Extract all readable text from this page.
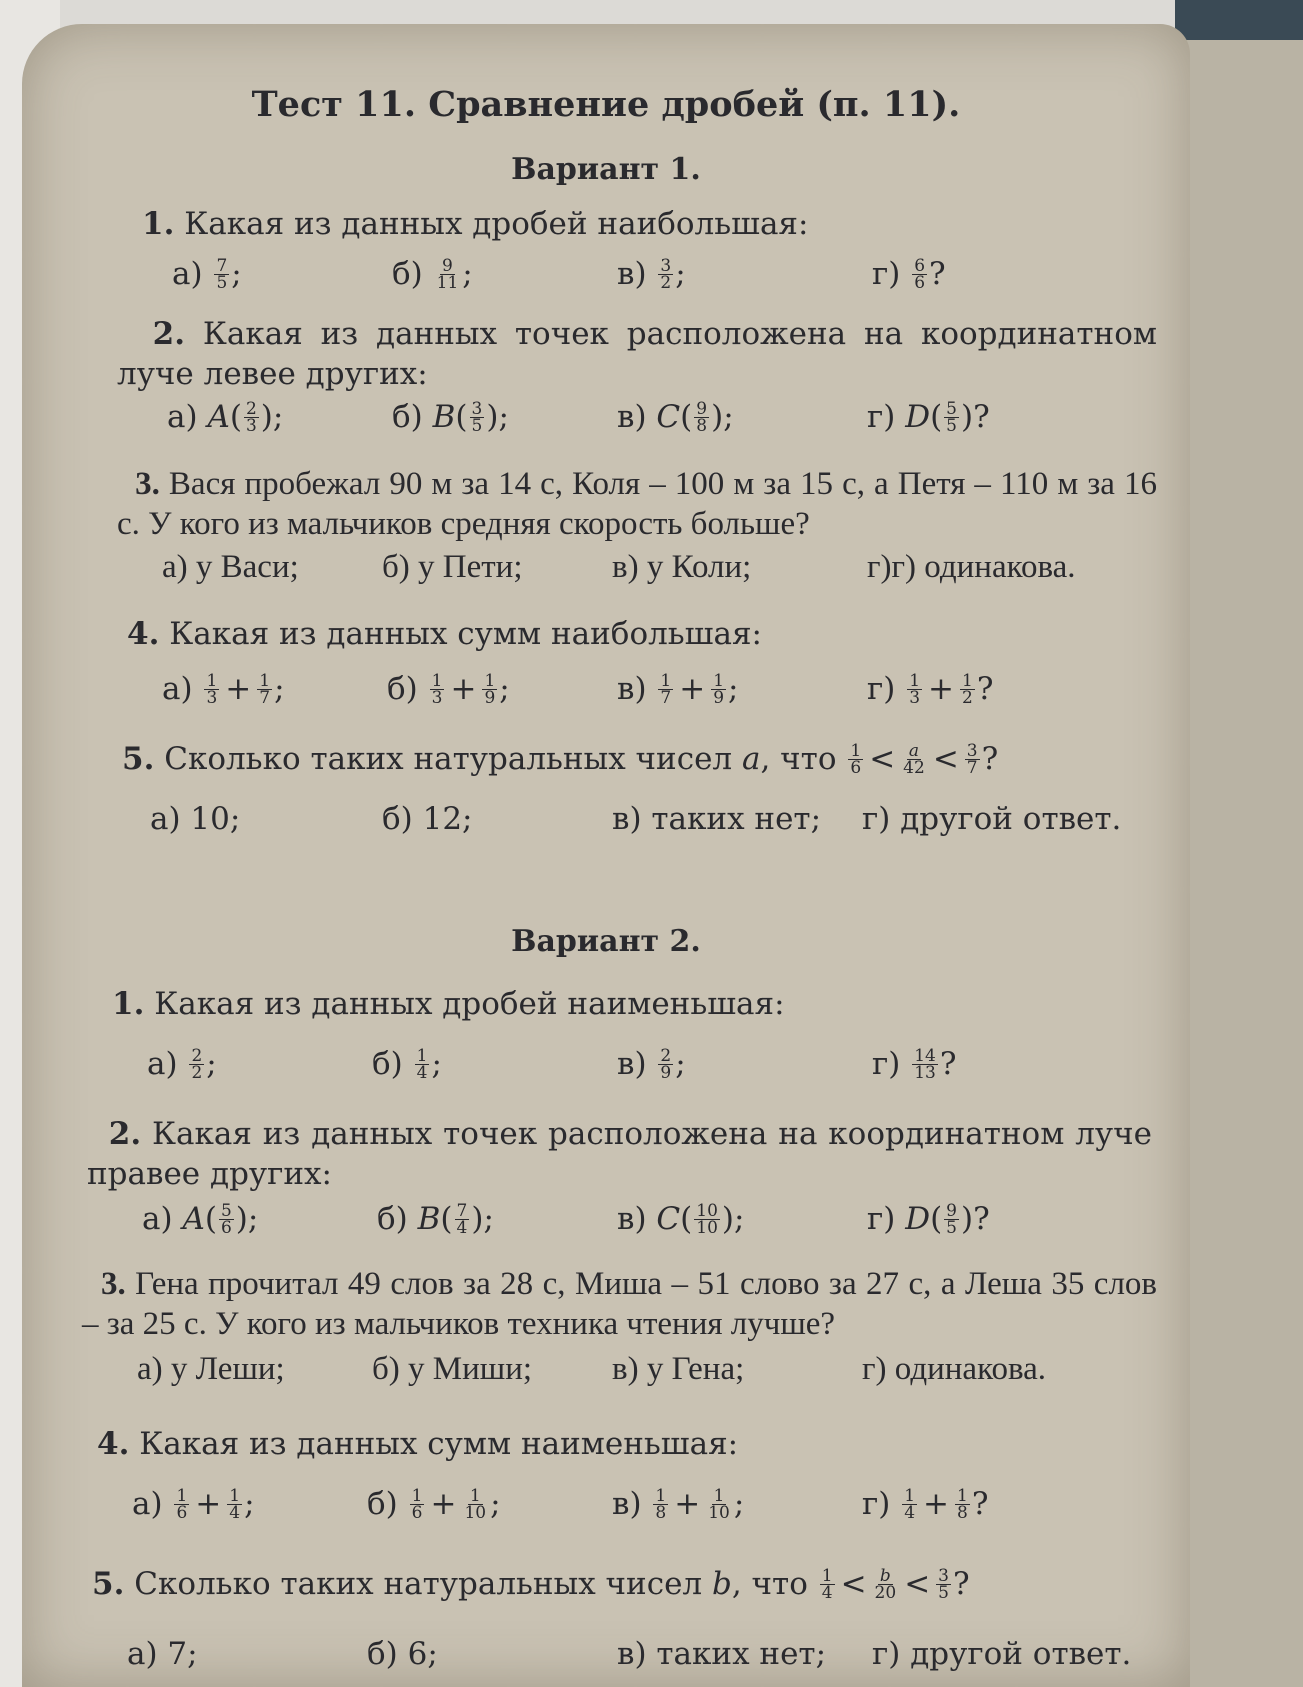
Тест 11. Сравнение дробей (п. 11).
Вариант 1.
1. Какая из данных дробей наибольшая:
а)
$\frac{7}{5}$ ;	б)
$\frac{9}{11}$ ;	в)
$\frac{3}{2}$ ;	г)
$\frac{6}{6}$ ?
2. Какая из данных точек расположена на координатном луче левее других:
а)
A ( $\frac{2}{3}$ ) ;	б)
B ( $\frac{3}{5}$ ) ;	в)
C ( $\frac{9}{8}$ ) ;	г)
D ( $\frac{5}{5}$ ) ?
3. Вася пробежал 90 м за 14 с, Коля – 100 м за 15 с, а Петя – 110 м за 16 с. У кого из мальчиков средняя скорость больше?
а) у Васи;	б) у Пети;	в) у Коли;	г)г) одинакова.
4. Какая из данных сумм наибольшая:
а)
$\frac{1}{3} + \frac{1}{7}$ ;	б)
$\frac{1}{3} + \frac{1}{9}$ ;	в)
$\frac{1}{7} + \frac{1}{9}$ ;	г)
$\frac{1}{3} + \frac{1}{2}$ ?
5.
Сколько таких натуральных чисел
a , что
$\frac{1}{6} < \frac{a}{42} < \frac{3}{7}$ ?
а) 10;	б) 12;	в) таких нет; г) другой ответ.
Вариант 2.
1. Какая из данных дробей наименьшая:
а)
$\frac{2}{2}$ ;	б)
$\frac{1}{4}$ ;	в)
$\frac{2}{9}$ ;	г)
$\frac{14}{13}$ ?
2. Какая из данных точек расположена на координатном луче правее других:
а)
A ( $\frac{5}{6}$ ) ;	б)
B ( $\frac{7}{4}$ ) ;	в)
C ( $\frac{10}{10}$ ) ;	г)
D ( $\frac{9}{5}$ ) ?
3. Гена прочитал 49 слов за 28 с, Миша – 51 слово за 27 с, а Леша 35 слов – за 25 с. У кого из мальчиков техника чтения лучше?
а) у Леши;	б) у Миши; в) у Гена;	г) одинакова.
4. Какая из данных сумм наименьшая:
а)
$\frac{1}{6} + \frac{1}{4}$ ;	б)
$\frac{1}{6} + \frac{1}{10}$ ;	в)
$\frac{1}{8} + \frac{1}{10}$ ;	г)
$\frac{1}{4} + \frac{1}{8}$ ?
5.
Сколько таких натуральных чисел
b , что
$\frac{1}{4} < \frac{b}{20} < \frac{3}{5}$ ?
а) 7;	б) 6;	в) таких нет; г) другой ответ.
